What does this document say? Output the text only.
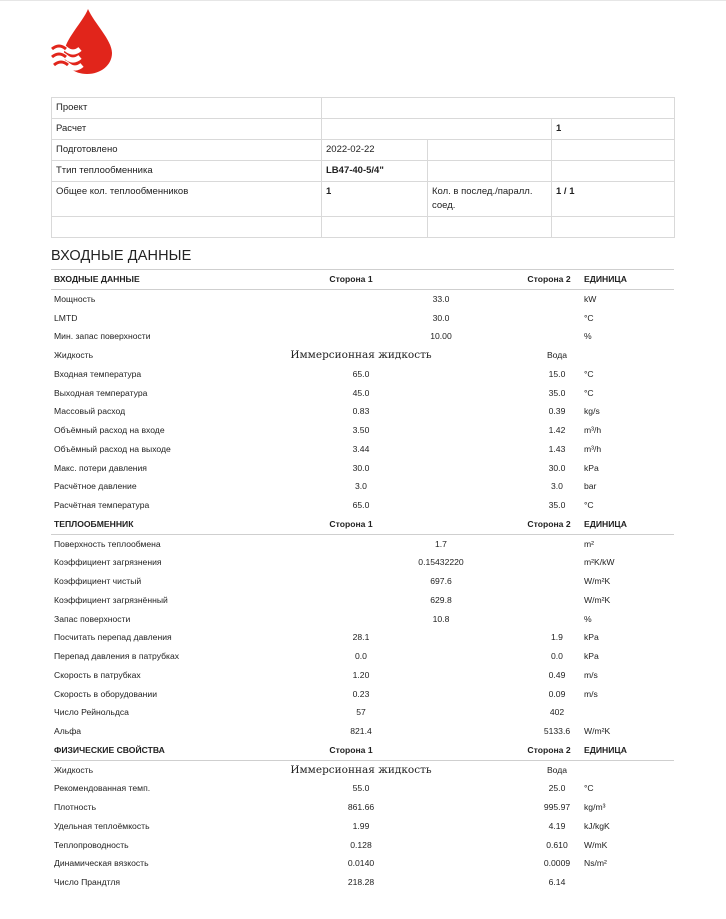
Проект			
Расчет			1
Подготовлено	2022-02-22		
Ттип теплообменника	LB47-40-5/4"		
Общее кол. теплообменников	1	Кол. в послед./паралл. соед.	1 / 1

ВХОДНЫЕ ДАННЫЕ
ВХОДНЫЕ ДАННЫЕ	Сторона 1	Сторона 2	ЕДИНИЦА
Мощность	33.0	kW
LMTD	30.0	°C
Мин. запас поверхности	10.00	%
Жидкость	Иммерсионная жидкость	Вода
Входная температура	65.0	15.0	°C
Выходная температура	45.0	35.0	°C
Массовый расход	0.83	0.39	kg/s
Объёмный расход на входе	3.50	1.42	m³/h
Объёмный расход на выходе	3.44	1.43	m³/h
Макс. потери давления	30.0	30.0	kPa
Расчётное давление	3.0	3.0	bar
Расчётная температура	65.0	35.0	°C
ТЕПЛООБМЕННИК	Сторона 1	Сторона 2	ЕДИНИЦА
Поверхность теплообмена	1.7	m²
Коэффициент загрязнения	0.15432220	m²K/kW
Коэффициент чистый	697.6	W/m²K
Коэффициент загрязнённый	629.8	W/m²K
Запас поверхности	10.8	%
Посчитать перепад давления	28.1	1.9	kPa
Перепад давления в патрубках	0.0	0.0	kPa
Скорость в патрубках	1.20	0.49	m/s
Скорость в оборудовании	0.23	0.09	m/s
Число Рейнольдса	57	402
Альфа	821.4	5133.6	W/m²K
ФИЗИЧЕСКИЕ СВОЙСТВА	Сторона 1	Сторона 2	ЕДИНИЦА
Жидкость	Иммерсионная жидкость	Вода
Рекомендованная темп.	55.0	25.0	°C
Плотность	861.66	995.97	kg/m³
Удельная теплоёмкость	1.99	4.19	kJ/kgK
Теплопроводность	0.128	0.610	W/mK
Динамическая вязкость	0.0140	0.0009	Ns/m²
Число Прандтля	218.28	6.14
